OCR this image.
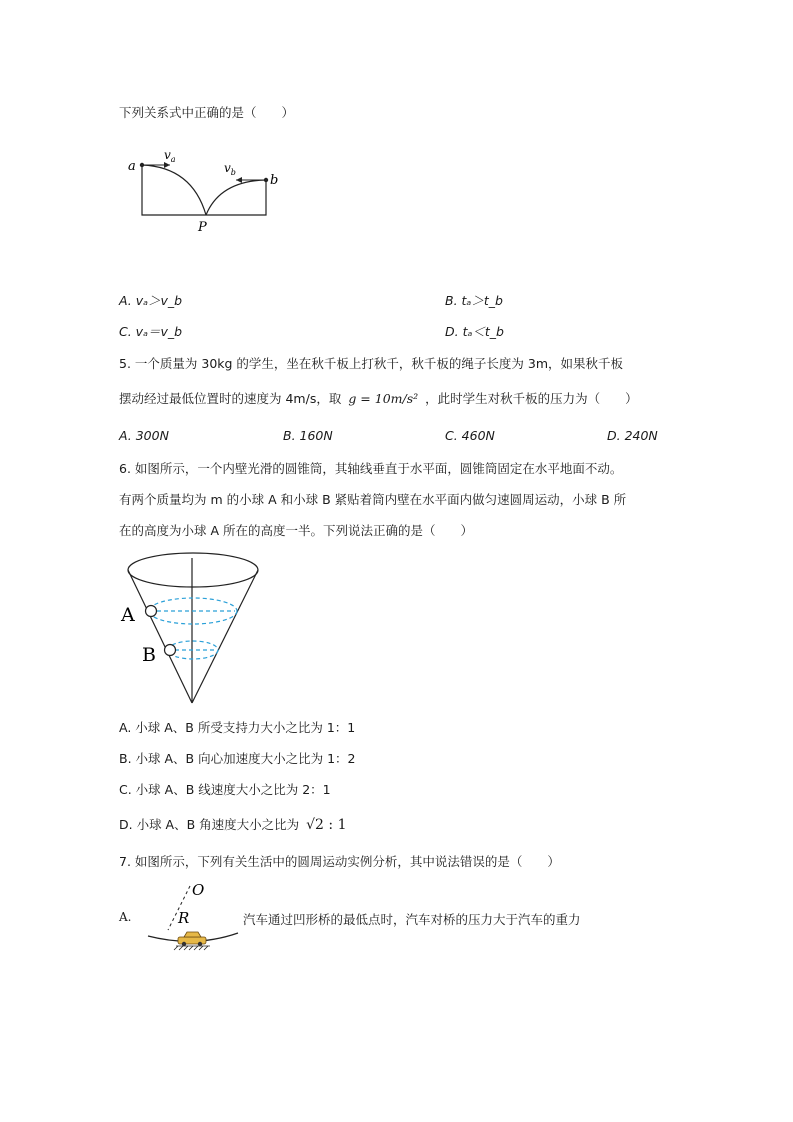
下列关系式中正确的是（　　）
a
b
P
$v_a$
$v_b$
A. vₐ＞v_b	B. tₐ＞t_b
C. vₐ＝v_b	D. tₐ＜t_b
5. 一个质量为 30kg 的学生，坐在秋千板上打秋千，秋千板的绳子长度为 3m，如果秋千板
摆动经过最低位置时的速度为 4m/s，取 g = 10m/s² ，此时学生对秋千板的压力为（　　）
A. 300N	B. 160N	C. 460N	D. 240N
6. 如图所示，一个内壁光滑的圆锥筒，其轴线垂直于水平面，圆锥筒固定在水平地面不动。
有两个质量均为 m 的小球 A 和小球 B 紧贴着筒内壁在水平面内做匀速圆周运动，小球 B 所
在的高度为小球 A 所在的高度一半。下列说法正确的是（　　）
A
B
A. 小球 A、B 所受支持力大小之比为 1：1
B. 小球 A、B 向心加速度大小之比为 1：2
C. 小球 A、B 线速度大小之比为 2：1
D. 小球 A、B 角速度大小之比为 √2 : 1
7. 如图所示，下列有关生活中的圆周运动实例分析，其中说法错误的是（　　）
A.
O
R	汽车通过凹形桥的最低点时，汽车对桥的压力大于汽车的重力
